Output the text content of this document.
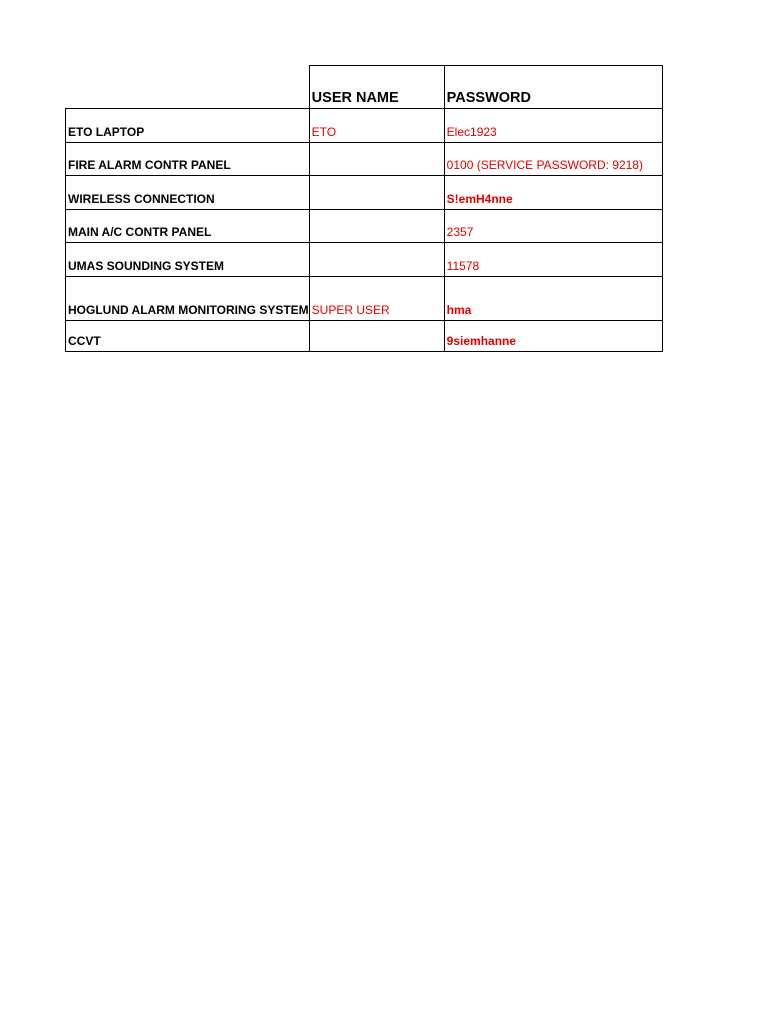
	USER NAME	PASSWORD
ETO LAPTOP	ETO	Elec1923
FIRE ALARM CONTR PANEL		0100 (SERVICE PASSWORD: 9218)
WIRELESS CONNECTION		S!emH4nne
MAIN A/C CONTR PANEL		2357
UMAS SOUNDING SYSTEM		11578
HOGLUND ALARM MONITORING SYSTEM	SUPER USER	hma
CCVT		9siemhanne
